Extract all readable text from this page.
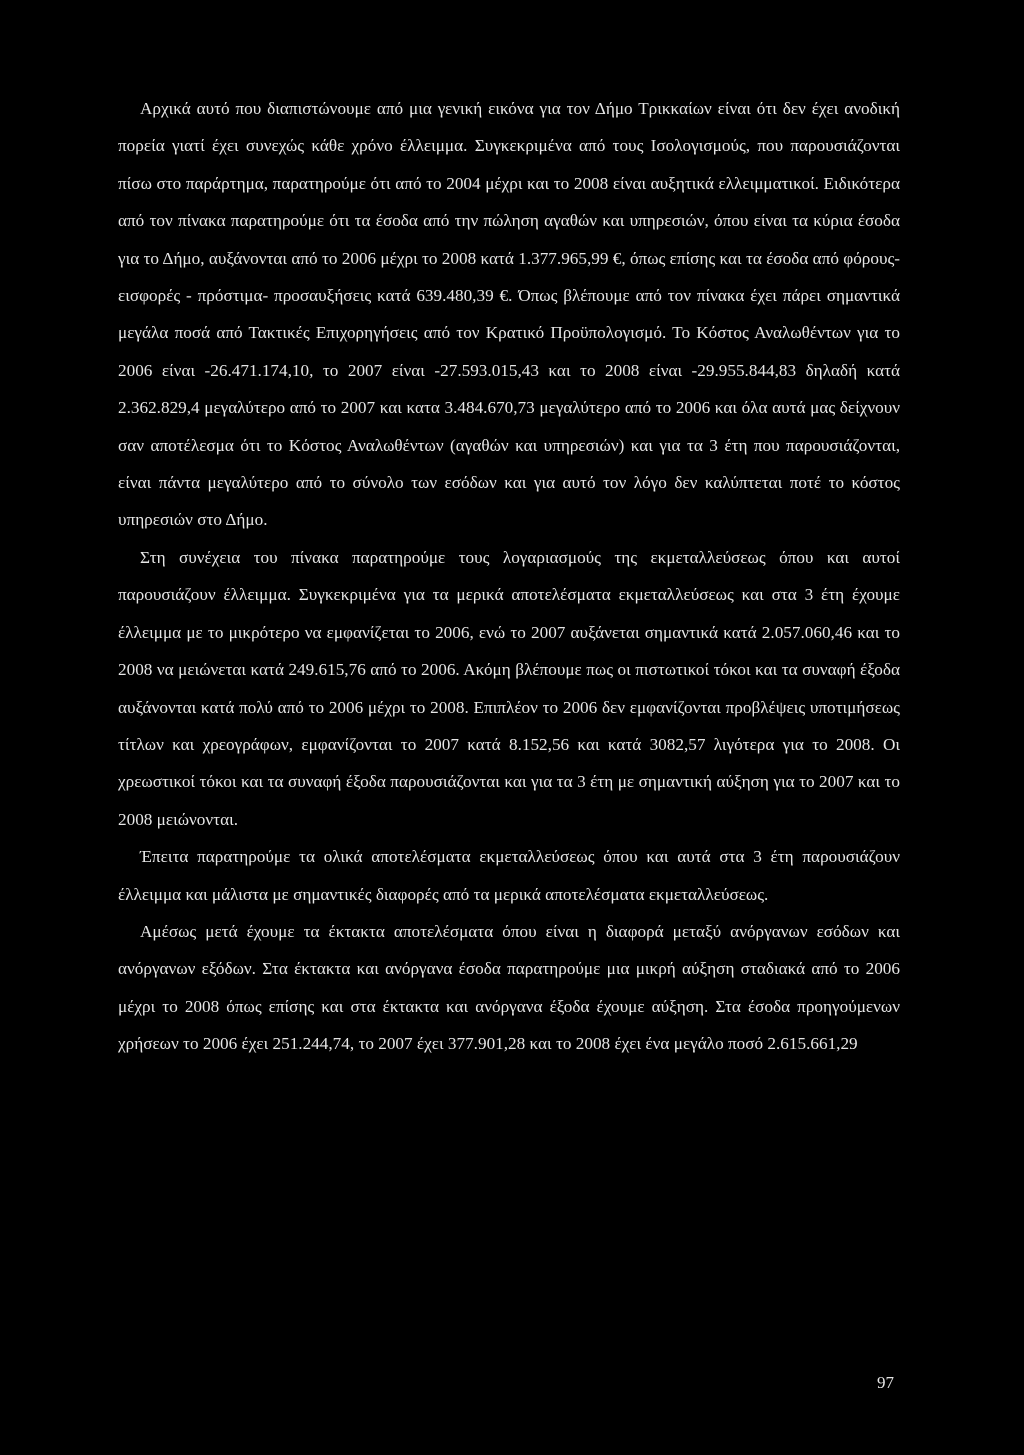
Αρχικά αυτό που διαπιστώνουμε από μια γενική εικόνα για τον Δήμο Τρικκαίων είναι ότι δεν έχει ανοδική πορεία γιατί έχει συνεχώς κάθε χρόνο έλλειμμα. Συγκεκριμένα από τους Ισολογισμούς, που παρουσιάζονται πίσω στο παράρτημα, παρατηρούμε ότι από το 2004 μέχρι και το 2008 είναι αυξητικά ελλειμματικοί. Ειδικότερα από τον πίνακα παρατηρούμε ότι τα έσοδα από την πώληση αγαθών και υπηρεσιών, όπου είναι τα κύρια έσοδα για το Δήμο, αυξάνονται από το 2006 μέχρι το 2008 κατά 1.377.965,99 €, όπως επίσης και τα έσοδα από φόρους- εισφορές - πρόστιμα- προσαυξήσεις κατά 639.480,39 €. Όπως βλέπουμε από τον πίνακα έχει πάρει σημαντικά μεγάλα ποσά από Τακτικές Επιχορηγήσεις από τον Κρατικό Προϋπολογισμό. Το Κόστος Αναλωθέντων για το 2006 είναι -26.471.174,10, το 2007 είναι -27.593.015,43 και το 2008 είναι -29.955.844,83 δηλαδή κατά 2.362.829,4 μεγαλύτερο από το 2007 και κατα 3.484.670,73 μεγαλύτερο από το 2006 και όλα αυτά μας δείχνουν σαν αποτέλεσμα ότι το Κόστος Αναλωθέντων (αγαθών και υπηρεσιών) και για τα 3 έτη που παρουσιάζονται, είναι πάντα μεγαλύτερο από το σύνολο των εσόδων και για αυτό τον λόγο δεν καλύπτεται ποτέ το κόστος υπηρεσιών στο Δήμο.

Στη συνέχεια του πίνακα παρατηρούμε τους λογαριασμούς της εκμεταλλεύσεως όπου και αυτοί παρουσιάζουν έλλειμμα. Συγκεκριμένα για τα μερικά αποτελέσματα εκμεταλλεύσεως και στα 3 έτη έχουμε έλλειμμα με το μικρότερο να εμφανίζεται το 2006, ενώ το 2007 αυξάνεται σημαντικά κατά 2.057.060,46 και το 2008 να μειώνεται κατά 249.615,76 από το 2006. Ακόμη βλέπουμε πως οι πιστωτικοί τόκοι και τα συναφή έξοδα αυξάνονται κατά πολύ από το 2006 μέχρι το 2008. Επιπλέον το 2006 δεν εμφανίζονται προβλέψεις υποτιμήσεως τίτλων και χρεογράφων, εμφανίζονται το 2007 κατά 8.152,56 και κατά 3082,57 λιγότερα για το 2008. Οι χρεωστικοί τόκοι και τα συναφή έξοδα παρουσιάζονται και για τα 3 έτη με σημαντική αύξηση για το 2007 και το 2008 μειώνονται.

Έπειτα παρατηρούμε τα ολικά αποτελέσματα εκμεταλλεύσεως όπου και αυτά στα 3 έτη παρουσιάζουν έλλειμμα και μάλιστα με σημαντικές διαφορές από τα μερικά αποτελέσματα εκμεταλλεύσεως.

Αμέσως μετά έχουμε τα έκτακτα αποτελέσματα όπου είναι η διαφορά μεταξύ ανόργανων εσόδων και ανόργανων εξόδων. Στα έκτακτα και ανόργανα έσοδα παρατηρούμε μια μικρή αύξηση σταδιακά από το 2006 μέχρι το 2008 όπως επίσης και στα έκτακτα και ανόργανα έξοδα έχουμε αύξηση. Στα έσοδα προηγούμενων χρήσεων το 2006 έχει 251.244,74, το 2007 έχει 377.901,28 και το 2008 έχει ένα μεγάλο ποσό 2.615.661,29

97
